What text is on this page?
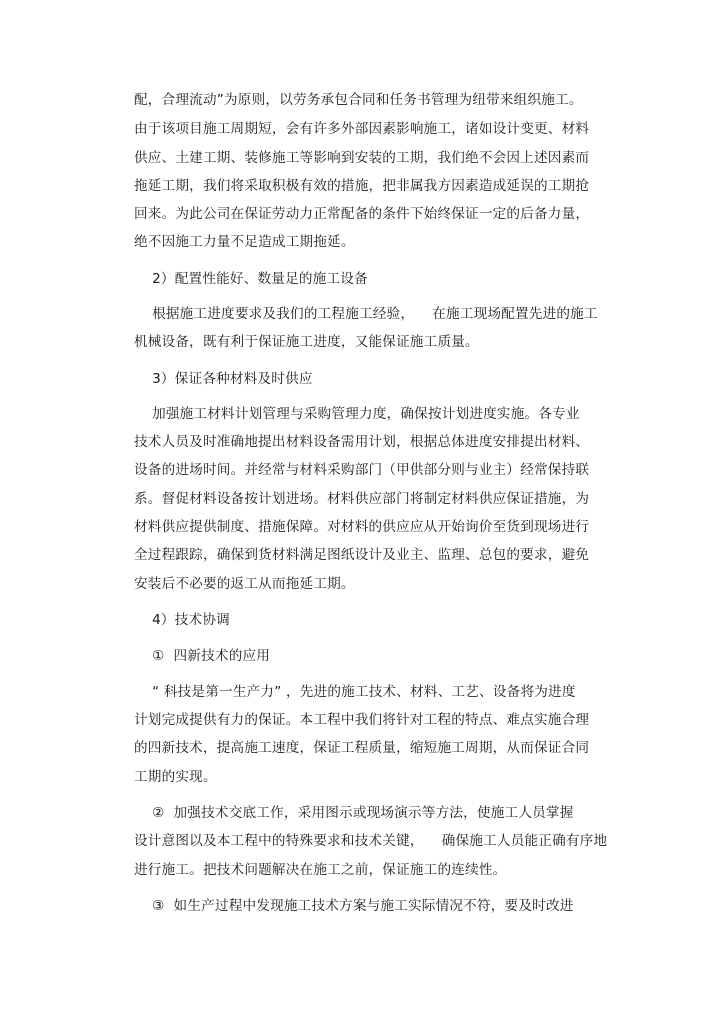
配，合理流动”为原则，以劳务承包合同和任务书管理为纽带来组织施工。
由于该项目施工周期短，会有许多外部因素影响施工，诸如设计变更、材料
供应、土建工期、装修施工等影响到安装的工期，我们绝不会因上述因素而
拖延工期，我们将采取积极有效的措施，把非属我方因素造成延误的工期抢
回来。为此公司在保证劳动力正常配备的条件下始终保证一定的后备力量，
绝不因施工力量不足造成工期拖延。
2）配置性能好、数量足的施工设备
根据施工进度要求及我们的工程施工经验，    在施工现场配置先进的施工
机械设备，既有利于保证施工进度，又能保证施工质量。
3）保证各种材料及时供应
加强施工材料计划管理与采购管理力度，确保按计划进度实施。各专业
技术人员及时准确地提出材料设备需用计划，根据总体进度安排提出材料、
设备的进场时间。并经常与材料采购部门（甲供部分则与业主）经常保持联
系。督促材料设备按计划进场。材料供应部门将制定材料供应保证措施，为
材料供应提供制度、措施保障。对材料的供应应从开始询价至货到现场进行
全过程跟踪，确保到货材料满足图纸设计及业主、监理、总包的要求，避免
安装后不必要的返工从而拖延工期。
4）技术协调
①  四新技术的应用
“ 科技是第一生产力” ，先进的施工技术、材料、工艺、设备将为进度
计划完成提供有力的保证。本工程中我们将针对工程的特点、难点实施合理
的四新技术，提高施工速度，保证工程质量，缩短施工周期，从而保证合同
工期的实现。
②  加强技术交底工作，采用图示或现场演示等方法，使施工人员掌握
设计意图以及本工程中的特殊要求和技术关键，    确保施工人员能正确有序地
进行施工。把技术问题解决在施工之前，保证施工的连续性。
③  如生产过程中发现施工技术方案与施工实际情况不符，要及时改进
